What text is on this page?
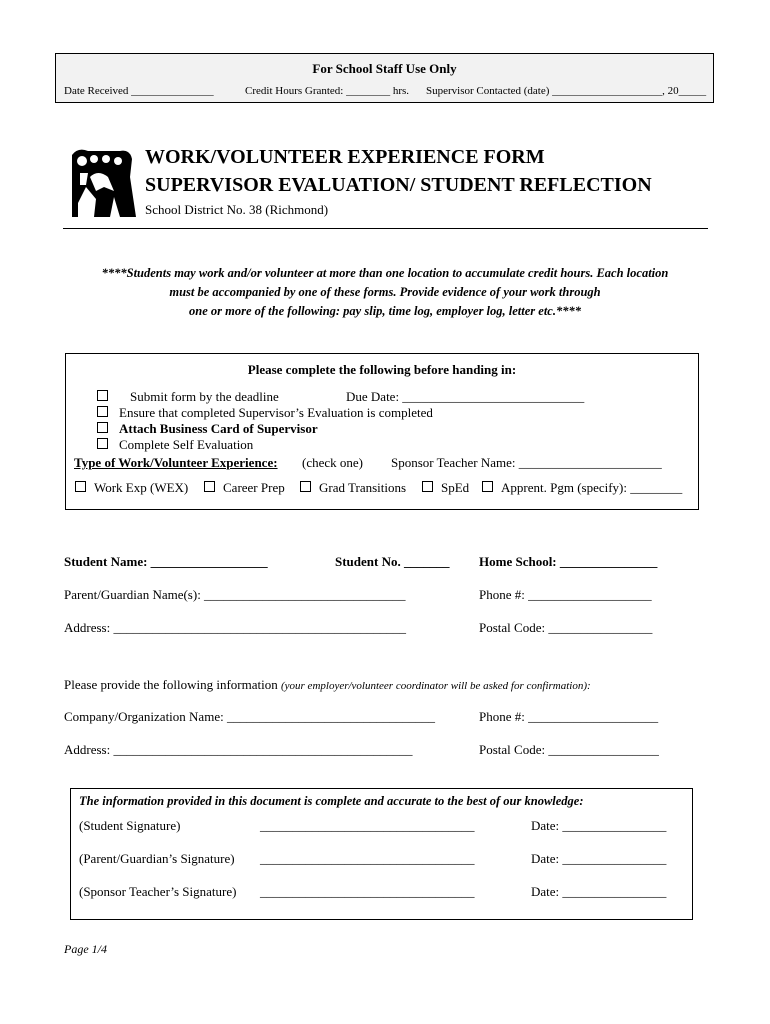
For School Staff Use Only
Date Received _______________	Credit Hours Granted: ________ hrs. Supervisor Contacted (date) ____________________, 20_____
WORK/VOLUNTEER EXPERIENCE FORM
SUPERVISOR EVALUATION/ STUDENT REFLECTION
School District No. 38 (Richmond)
****Students may work and/or volunteer at more than one location to accumulate credit hours. Each location
must be accompanied by one of these forms. Provide evidence of your work through
one or more of the following: pay slip, time log, employer log, letter etc.****
Please complete the following before handing in:
Submit form by the deadline	Due Date: ____________________________
Ensure that completed Supervisor’s Evaluation is completed
Attach Business Card of Supervisor
Complete Self Evaluation
Type of Work/Volunteer Experience: (check one) Sponsor Teacher Name: ______________________
Work Exp (WEX)	Career Prep	Grad Transitions	SpEd Apprent. Pgm (specify): ________
Student Name: __________________	Student No. _______ Home School: _______________
Parent/Guardian Name(s): _______________________________	Phone #: ___________________
Address: _____________________________________________	Postal Code: ________________
Please provide the following information (your employer/volunteer coordinator will be asked for confirmation):
Company/Organization Name: ________________________________	Phone #: ____________________
Address: ______________________________________________	Postal Code: _________________
The information provided in this document is complete and accurate to the best of our knowledge:
(Student Signature)	_________________________________	Date: ________________
(Parent/Guardian’s Signature) _________________________________	Date: ________________
(Sponsor Teacher’s Signature) _________________________________	Date: ________________
Page 1/4
